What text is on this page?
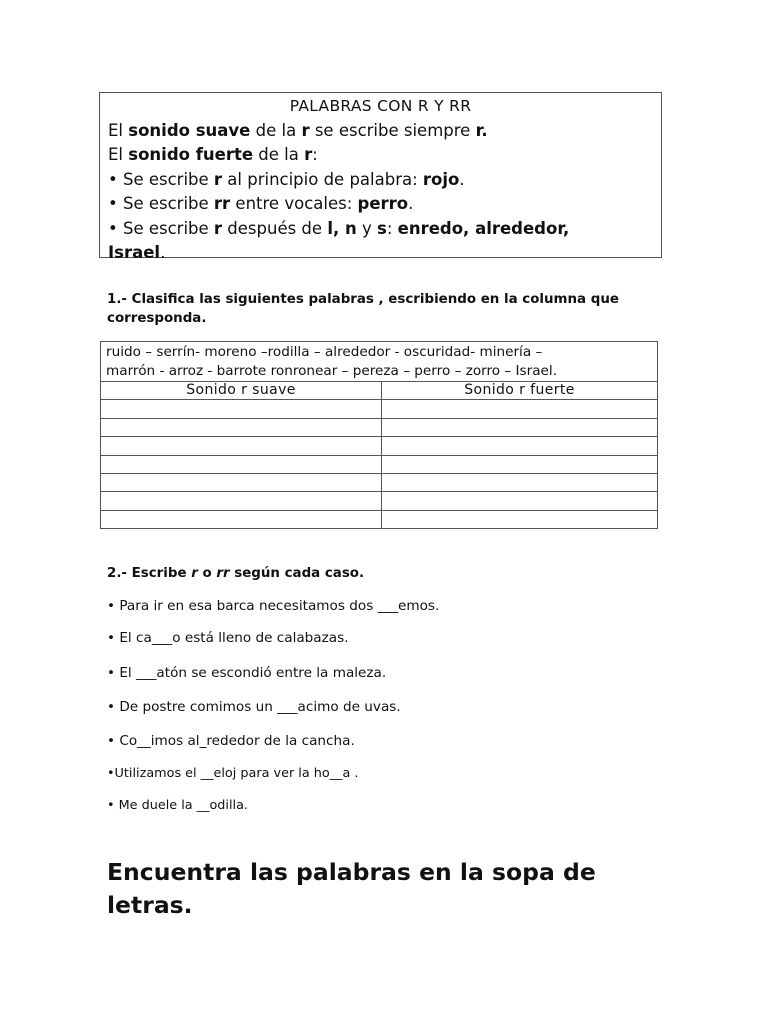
PALABRAS CON R Y RR
El sonido suave de la r se escribe siempre r.
El sonido fuerte de la r:
• Se escribe r al principio de palabra: rojo.
• Se escribe rr entre vocales: perro.
• Se escribe r después de l, n y s: enredo, alrededor,
Israel.
1.- Clasifica las siguientes palabras , escribiendo en la columna que corresponda.
ruido – serrín- moreno –rodilla – alrededor - oscuridad- minería –
marrón - arroz - barrote ronronear – pereza – perro – zorro – Israel.	

Sonido r suave	Sonido r fuerte

2.- Escribe r o rr según cada caso.
• Para ir en esa barca necesitamos dos ___emos.
• El ca___o está lleno de calabazas.
• El ___atón se escondió entre la maleza.
• De postre comimos un ___acimo de uvas.
• Co__imos al_rededor de la cancha.
•Utilizamos el __eloj para ver la ho__a .
• Me duele la __odilla.
Encuentra las palabras en la sopa de letras.
